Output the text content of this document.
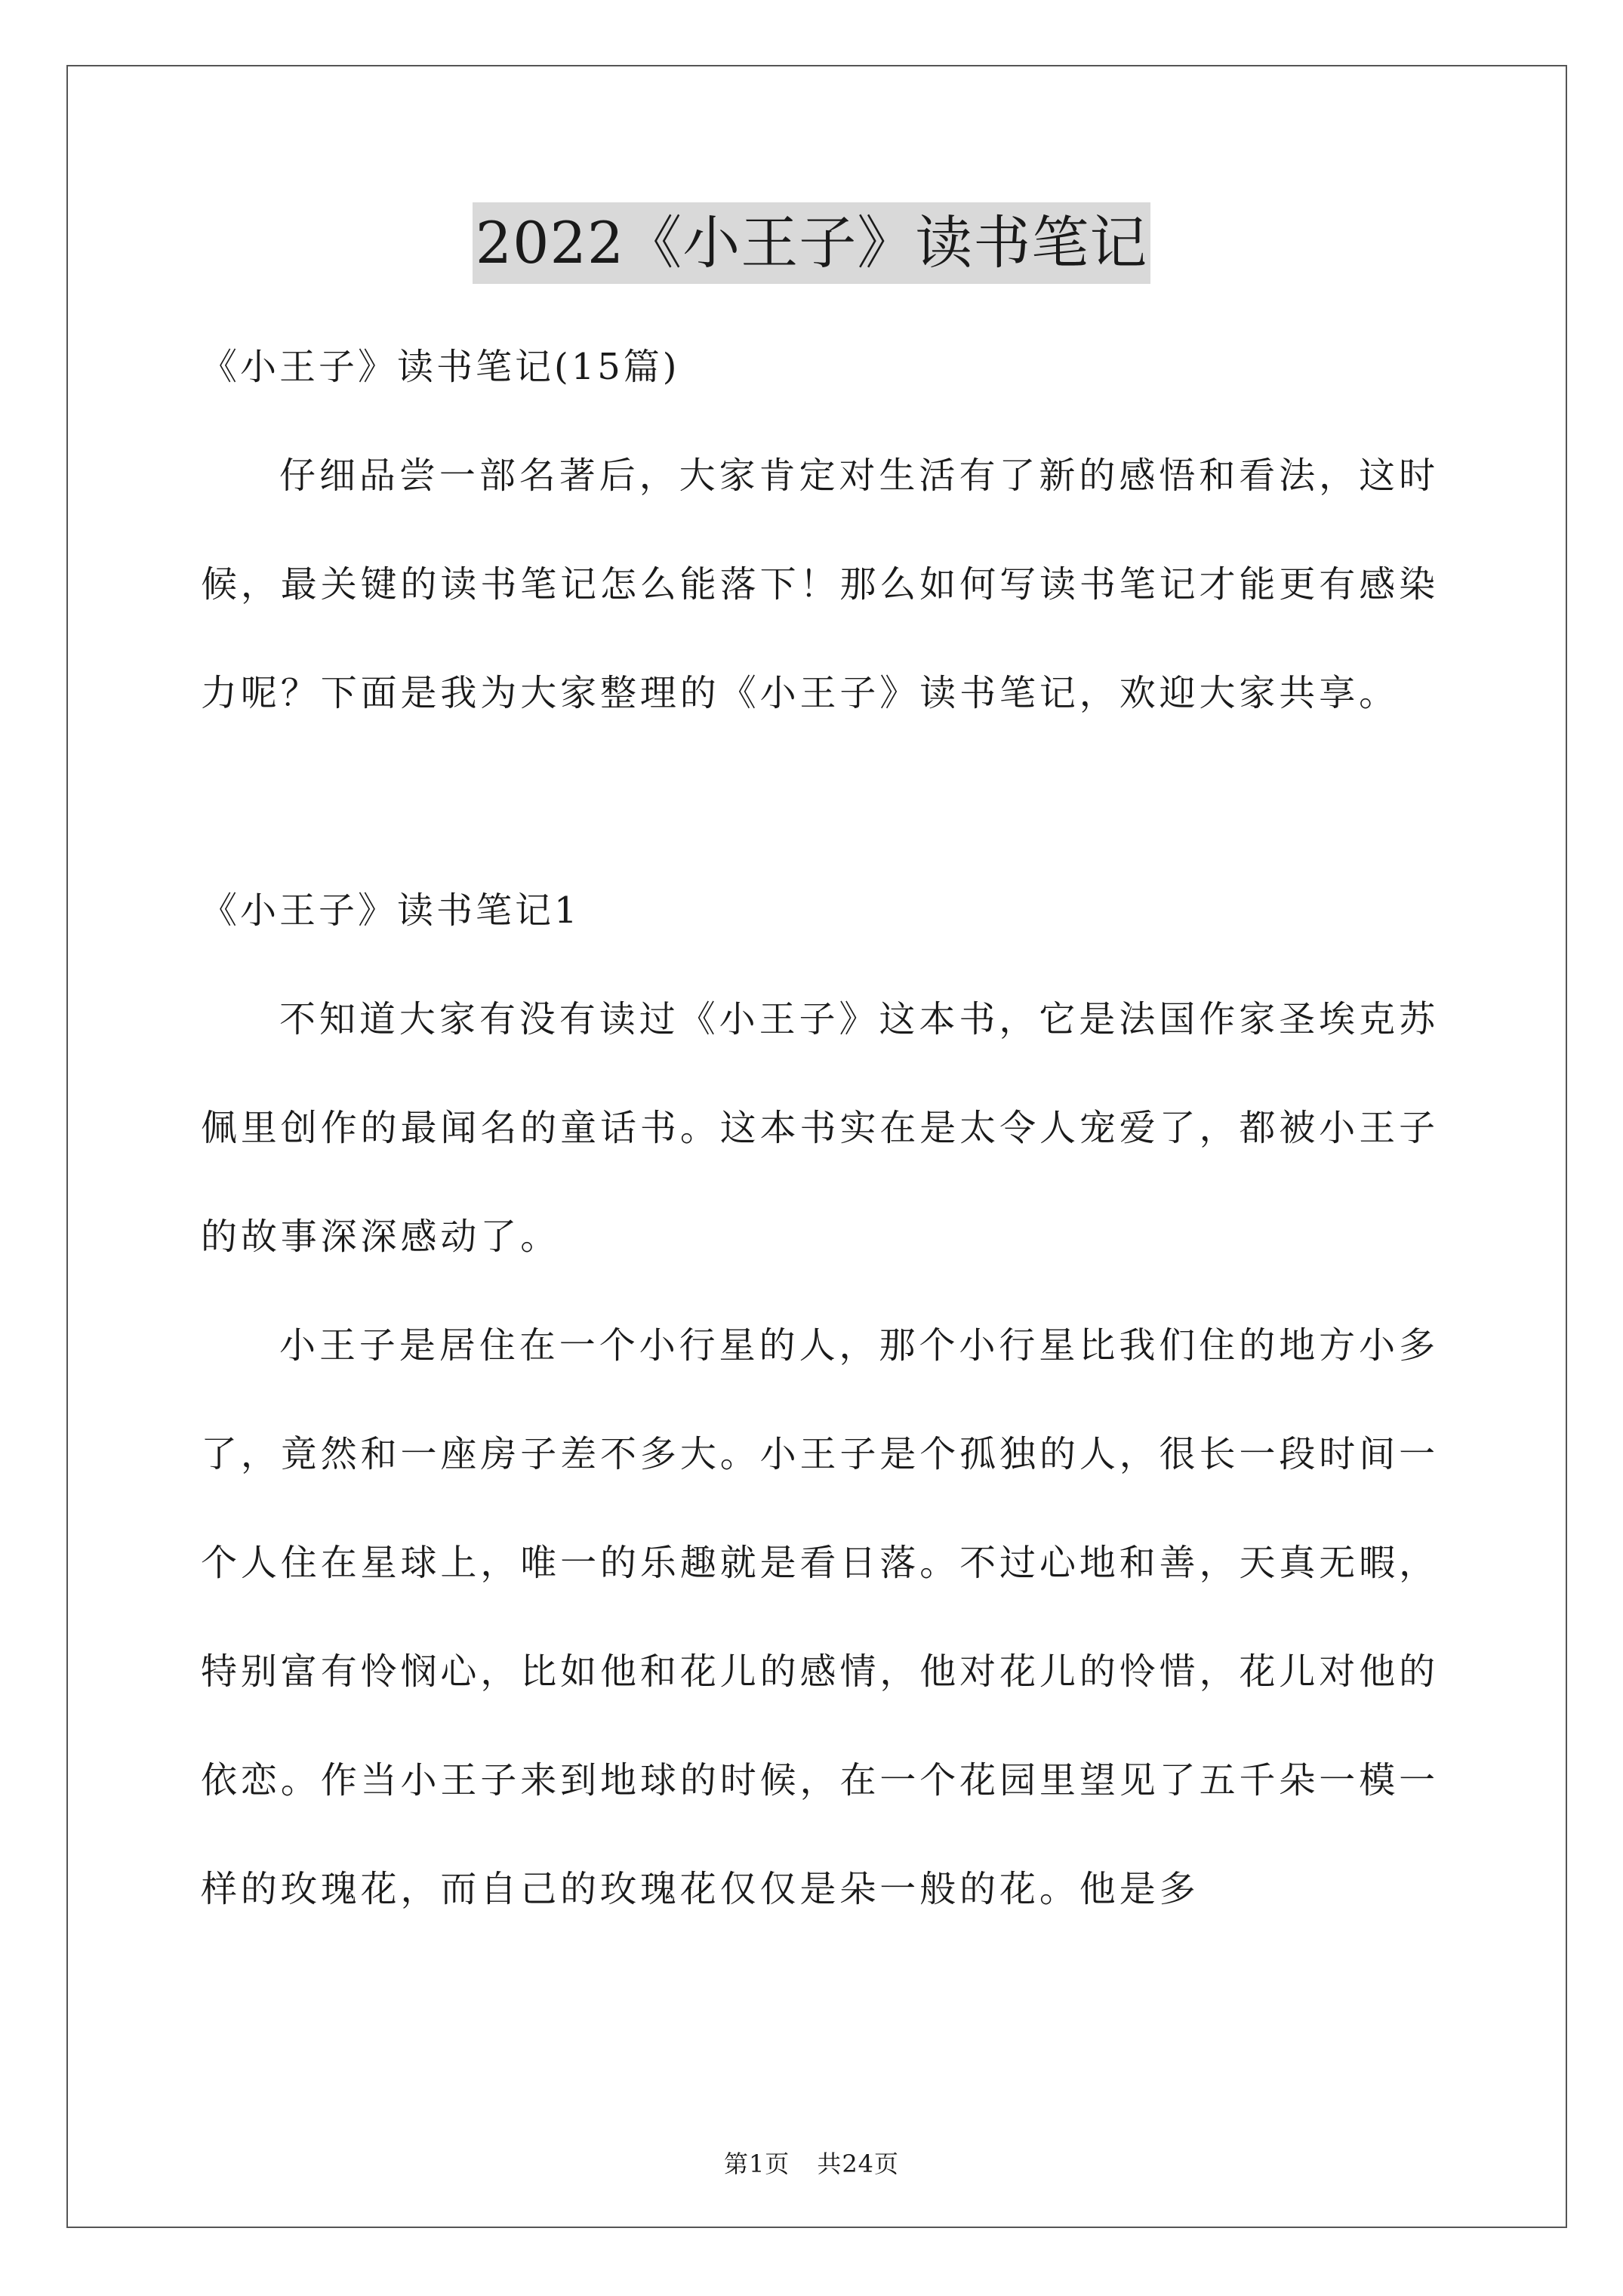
2022《小王子》读书笔记
《小王子》读书笔记(15篇)

仔细品尝一部名著后，大家肯定对生活有了新的感悟和看法，这时候，最关键的读书笔记怎么能落下！那么如何写读书笔记才能更有感染力呢？下面是我为大家整理的《小王子》读书笔记，欢迎大家共享。

《小王子》读书笔记1

不知道大家有没有读过《小王子》这本书，它是法国作家圣埃克苏佩里创作的最闻名的童话书。这本书实在是太令人宠爱了，都被小王子的故事深深感动了。

小王子是居住在一个小行星的人，那个小行星比我们住的地方小多了，竟然和一座房子差不多大。小王子是个孤独的人，很长一段时间一个人住在星球上，唯一的乐趣就是看日落。不过心地和善，天真无暇，特别富有怜悯心，比如他和花儿的感情，他对花儿的怜惜，花儿对他的依恋。作当小王子来到地球的时候，在一个花园里望见了五千朵一模一样的玫瑰花，而自己的玫瑰花仅仅是朵一般的花。他是多

第1页 共24页
